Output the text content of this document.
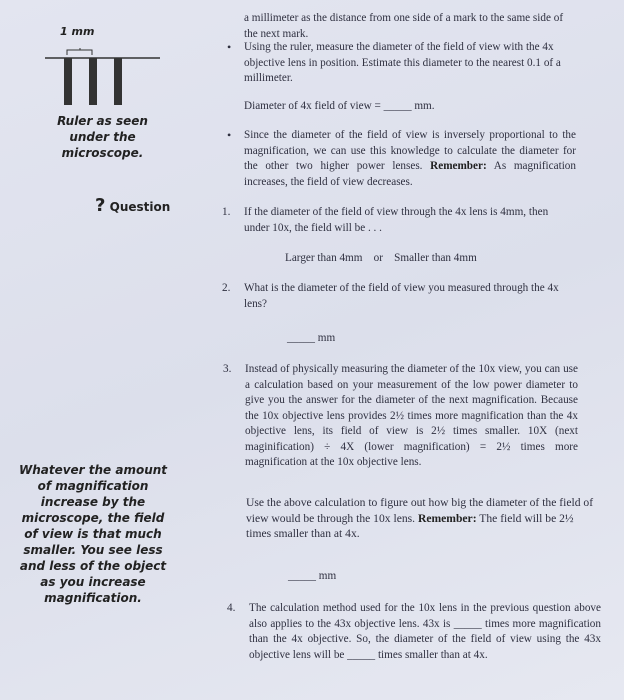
1 mm
Ruler as seen under the microscope.
? Question
Whatever the amount of magnification increase by the microscope, the field of view is that much smaller. You see less and less of the object as you increase magnification.
a millimeter as the distance from one side of a mark to the same side of the next mark.
• Using the ruler, measure the diameter of the field of view with the 4x objective lens in position. Estimate this diameter to the nearest 0.1 of a millimeter.
Diameter of 4x field of view = _____ mm.
• Since the diameter of the field of view is inversely proportional to the magnification, we can use this knowledge to calculate the diameter for the other two higher power lenses. Remember: As magnification increases, the field of view decreases.
1. If the diameter of the field of view through the 4x lens is 4mm, then under 10x, the field will be . . .
Larger than 4mm    or    Smaller than 4mm
2. What is the diameter of the field of view you measured through the 4x lens?
_____ mm
3. Instead of physically measuring the diameter of the 10x view, you can use a calculation based on your measurement of the low power diameter to give you the answer for the diameter of the next magnification. Because the 10x objective lens provides 2½ times more magnification than the 4x objective lens, its field of view is 2½ times smaller. 10X (next maginification) ÷ 4X (lower magnification) = 2½ times more magnification at the 10x objective lens.
Use the above calculation to figure out how big the diameter of the field of view would be through the 10x lens. Remember: The field will be 2½ times smaller than at 4x.
_____ mm
4. The calculation method used for the 10x lens in the previous question above also applies to the 43x objective lens. 43x is _____ times more magnification than the 4x objective. So, the diameter of the field of view using the 43x objective lens will be _____ times smaller than at 4x.
